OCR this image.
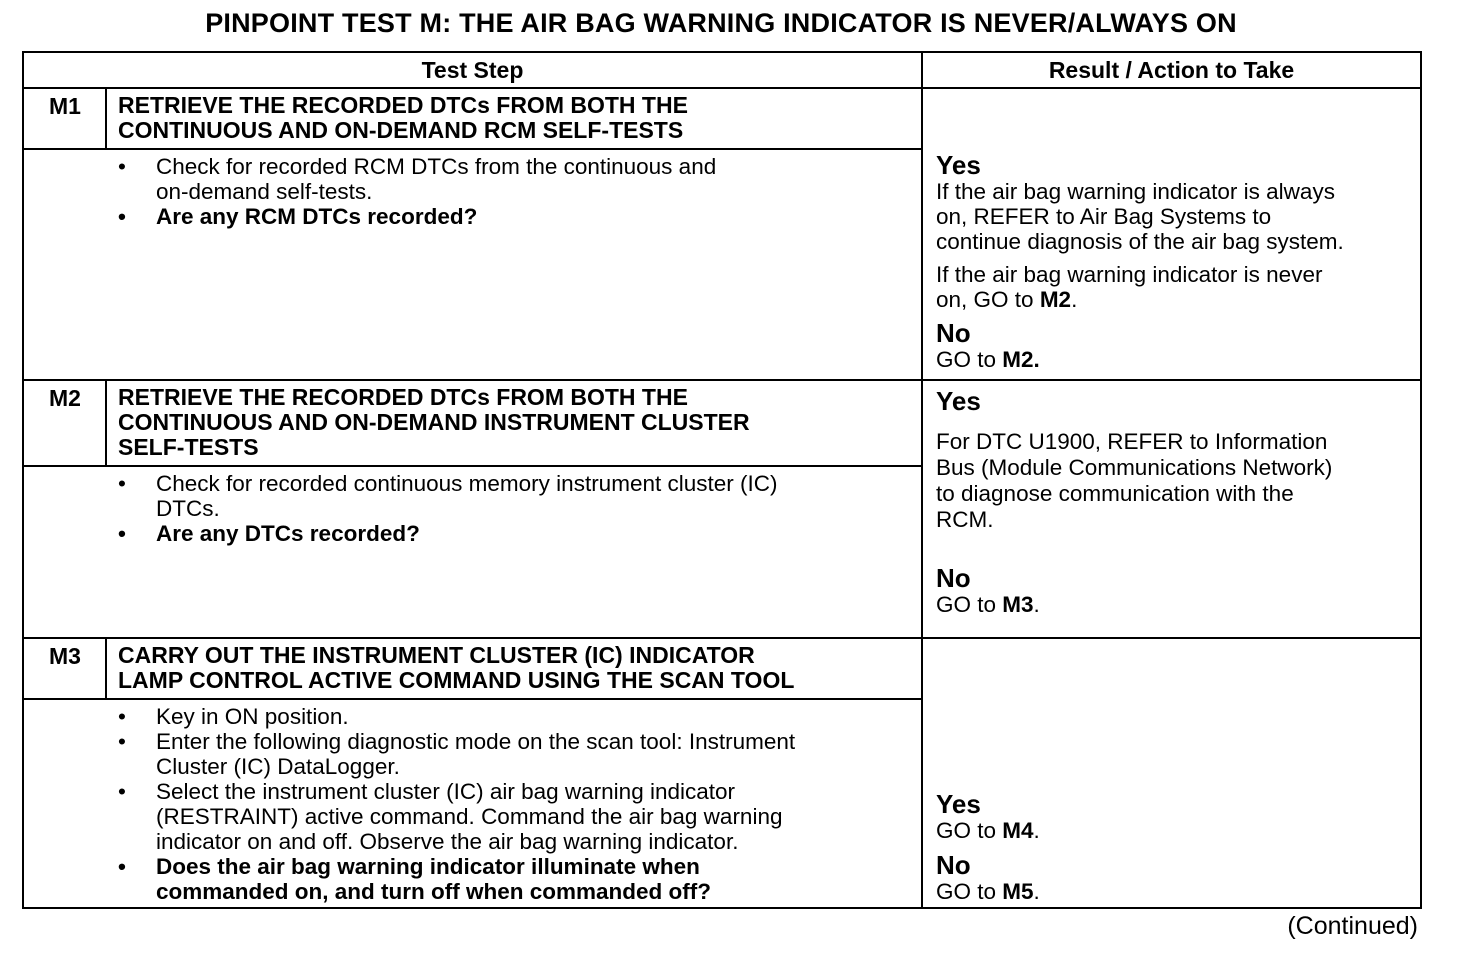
PINPOINT TEST M: THE AIR BAG WARNING INDICATOR IS NEVER/ALWAYS ON
Test Step	Result / Action to Take
M1	RETRIEVE THE RECORDED DTCs FROM BOTH THE
CONTINUOUS AND ON-DEMAND RCM SELF-TESTS
•	Check for recorded RCM DTCs from the continuous and
on-demand self-tests.
•	Are any RCM DTCs recorded?
Yes
If the air bag warning indicator is always
on, REFER to Air Bag Systems to
continue diagnosis of the air bag system.
If the air bag warning indicator is never
on, GO to M2.
No
GO to M2.
M2	RETRIEVE THE RECORDED DTCs FROM BOTH THE
CONTINUOUS AND ON-DEMAND INSTRUMENT CLUSTER
SELF-TESTS
•	Check for recorded continuous memory instrument cluster (IC)
DTCs.
•	Are any DTCs recorded?
Yes
For DTC U1900, REFER to Information
Bus (Module Communications Network)
to diagnose communication with the
RCM.
No
GO to M3.
M3	CARRY OUT THE INSTRUMENT CLUSTER (IC) INDICATOR
LAMP CONTROL ACTIVE COMMAND USING THE SCAN TOOL
•	Key in ON position.
•	Enter the following diagnostic mode on the scan tool: Instrument
Cluster (IC) DataLogger.
•	Select the instrument cluster (IC) air bag warning indicator
(RESTRAINT) active command. Command the air bag warning
indicator on and off. Observe the air bag warning indicator.
•	Does the air bag warning indicator illuminate when
commanded on, and turn off when commanded off?
Yes
GO to M4.
No
GO to M5.
(Continued)
